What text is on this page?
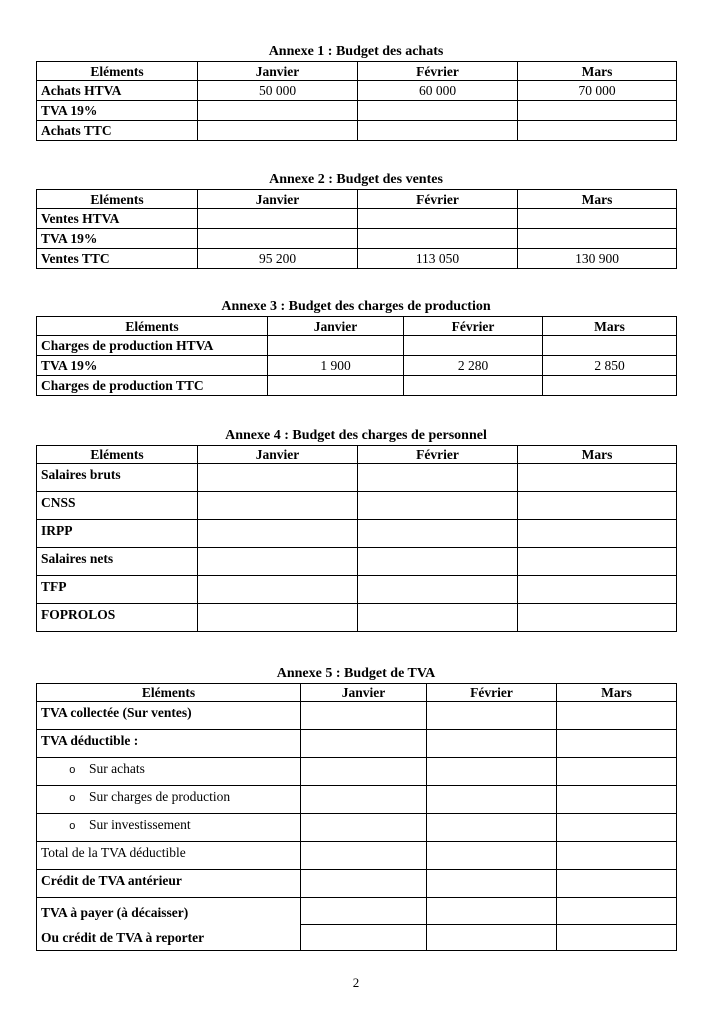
Annexe 1 : Budget des achats
Eléments	Janvier	Février	Mars
Achats HTVA	50 000	60 000	70 000
TVA 19%			
Achats TTC			
Annexe 2 : Budget des ventes
Eléments	Janvier	Février	Mars
Ventes HTVA			
TVA 19%			
Ventes TTC	95 200	113 050	130 900
Annexe 3 : Budget des charges de production
Eléments	Janvier	Février	Mars
Charges de production HTVA			
TVA 19%	1 900	2 280	2 850
Charges de production TTC			
Annexe 4 : Budget des charges de personnel
Eléments	Janvier	Février	Mars
Salaires bruts			
CNSS			
IRPP			
Salaires nets			
TFP			
FOPROLOS			
Annexe 5 : Budget de TVA
Eléments	Janvier	Février	Mars
TVA collectée (Sur ventes)			
TVA déductible :			
o Sur achats			
o Sur charges de production			
o Sur investissement			
Total de la TVA déductible			
Crédit de TVA antérieur			

TVA à payer (à décaisser)
Ou crédit de TVA à reporter			

2
